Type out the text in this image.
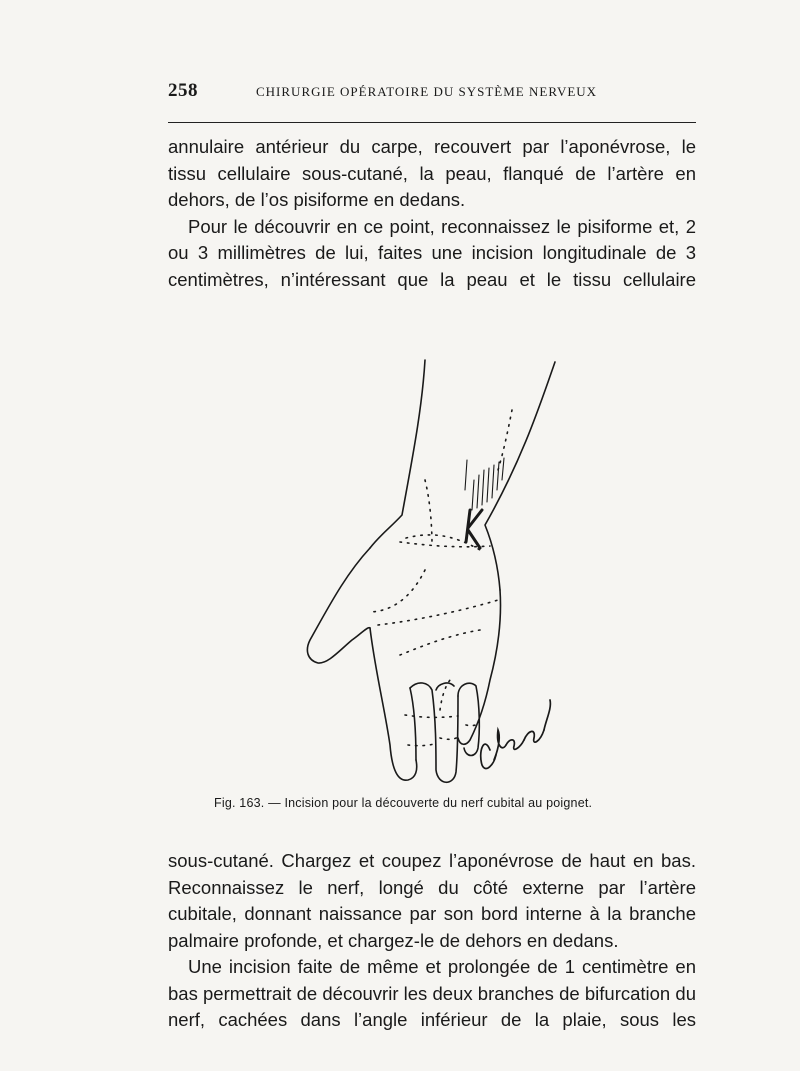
258	CHIRURGIE OPÉRATOIRE DU SYSTÈME NERVEUX

annulaire antérieur du carpe, recouvert par l’aponévrose, le tissu cellulaire sous-cutané, la peau, flanqué de l’artère en dehors, de l’os pisiforme en dedans.

Pour le découvrir en ce point, reconnaissez le pisiforme et, 2 ou 3 millimètres de lui, faites une incision longitudinale de 3 centimètres, n’intéressant que la peau et le tissu cellulaire

Fig. 163. — Incision pour la découverte du nerf cubital au poignet.

sous-cutané. Chargez et coupez l’aponévrose de haut en bas. Reconnaissez le nerf, longé du côté externe par l’artère cubitale, donnant naissance par son bord interne à la branche palmaire profonde, et chargez-le de dehors en dedans.

Une incision faite de même et prolongée de 1 centimètre en bas permettrait de découvrir les deux branches de bifurcation du nerf, cachées dans l’angle inférieur de la plaie, sous les
